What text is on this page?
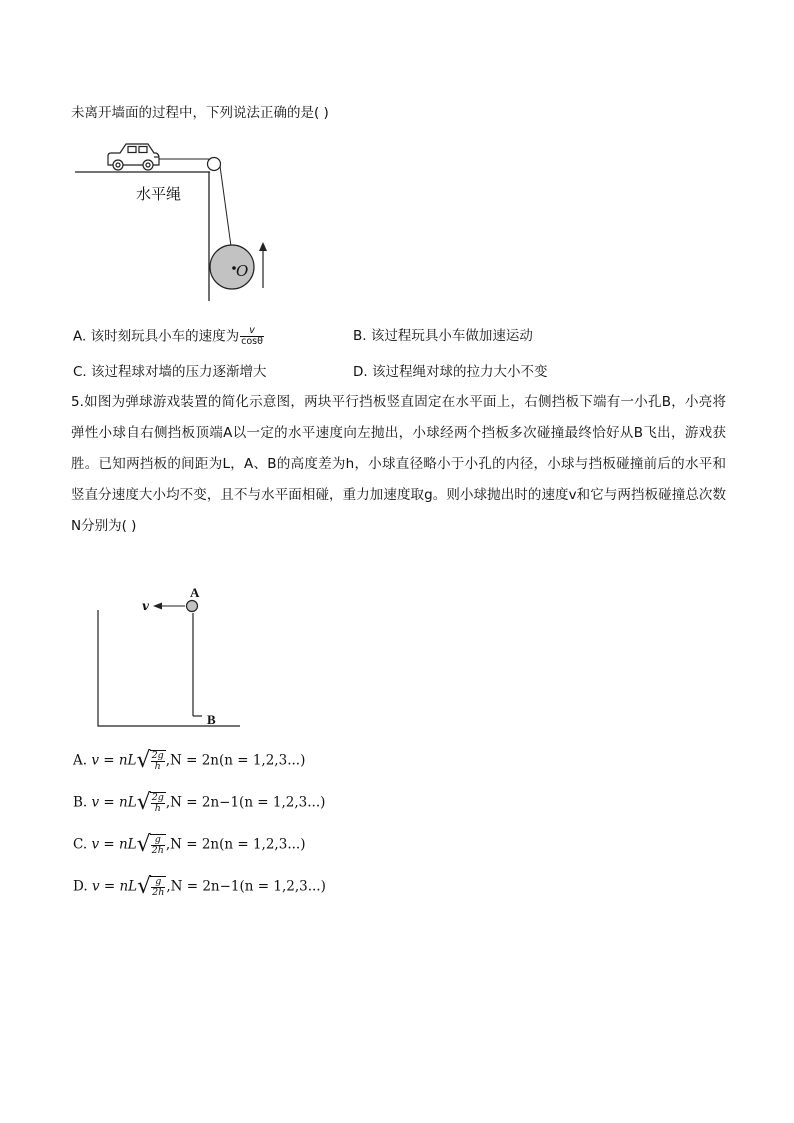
未离开墙面的过程中，下列说法正确的是( )
水平绳
O
A. 该时刻玩具小车的速度为 $\frac{v}{\cos\theta}$	B. 该过程玩具小车做加速运动
C. 该过程球对墙的压力逐渐增大	D. 该过程绳对球的拉力大小不变
5.如图为弹球游戏装置的简化示意图，两块平行挡板竖直固定在水平面上，右侧挡板下端有一小孔B，小亮将弹性小球自右侧挡板顶端A以一定的水平速度向左抛出，小球经两个挡板多次碰撞最终恰好从B飞出，游戏获胜。已知两挡板的间距为L，A、B的高度差为h，小球直径略小于小孔的内径，小球与挡板碰撞前后的水平和竖直分速度大小均不变，且不与水平面相碰，重力加速度取g。则小球抛出时的速度v和它与两挡板碰撞总次数N分别为( )
v
A
B
A. $v = nL√ \frac{2g}{h} ,N = 2n(n = 1,2,3...)$
B. $v = nL√ \frac{2g}{h} ,N = 2n-1(n = 1,2,3...)$
C. $v = nL√ \frac{g}{2h} ,N = 2n(n = 1,2,3...)$
D. $v = nL√ \frac{g}{2h} ,N = 2n-1(n = 1,2,3...)$
